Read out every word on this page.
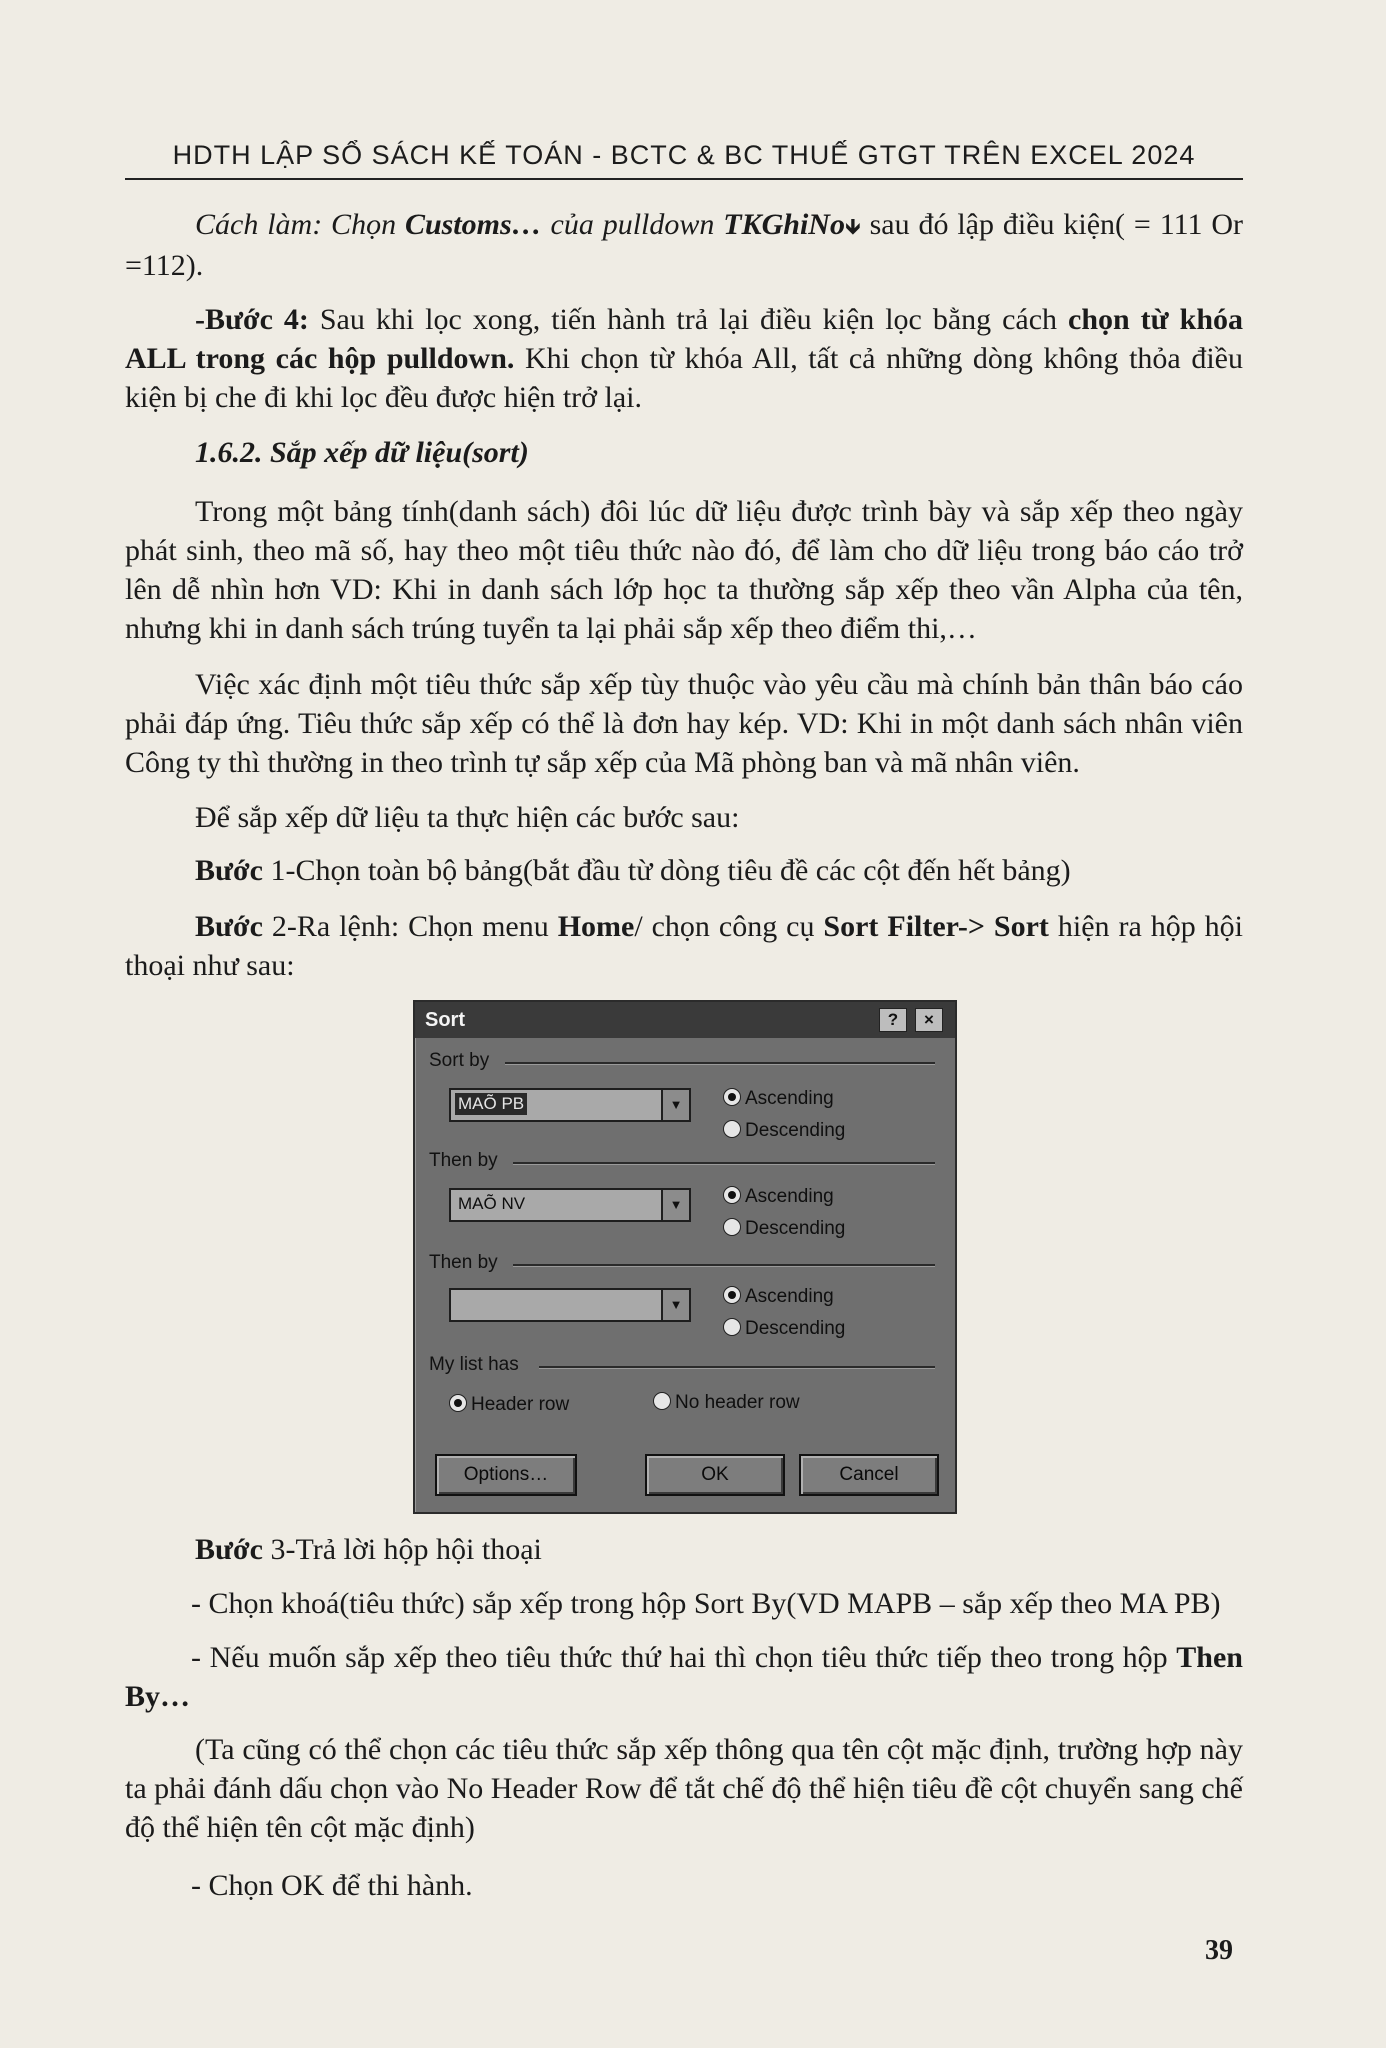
HDTH LẬP SỔ SÁCH KẾ TOÁN - BCTC & BC THUẾ GTGT TRÊN EXCEL 2024

Cách làm: Chọn Customs… của pulldown TKGhiNo🡻 sau đó lập điều kiện( = 111 Or =112).

-Bước 4: Sau khi lọc xong, tiến hành trả lại điều kiện lọc bằng cách chọn từ khóa ALL trong các hộp pulldown. Khi chọn từ khóa All, tất cả những dòng không thỏa điều kiện bị che đi khi lọc đều được hiện trở lại.

1.6.2. Sắp xếp dữ liệu(sort)

Trong một bảng tính(danh sách) đôi lúc dữ liệu được trình bày và sắp xếp theo ngày phát sinh, theo mã số, hay theo một tiêu thức nào đó, để làm cho dữ liệu trong báo cáo trở lên dễ nhìn hơn VD: Khi in danh sách lớp học ta thường sắp xếp theo vần Alpha của tên, nhưng khi in danh sách trúng tuyển ta lại phải sắp xếp theo điểm thi,…

Việc xác định một tiêu thức sắp xếp tùy thuộc vào yêu cầu mà chính bản thân báo cáo phải đáp ứng. Tiêu thức sắp xếp có thể là đơn hay kép. VD: Khi in một danh sách nhân viên Công ty thì thường in theo trình tự sắp xếp của Mã phòng ban và mã nhân viên.

Để sắp xếp dữ liệu ta thực hiện các bước sau:

Bước 1-Chọn toàn bộ bảng(bắt đầu từ dòng tiêu đề các cột đến hết bảng)

Bước 2-Ra lệnh: Chọn menu Home/ chọn công cụ Sort Filter-> Sort hiện ra hộp hội thoại như sau:

Sort	?	×
Sort by
MAÕ PB	▼	Ascending
Descending
Then by
MAÕ NV	▼	Ascending
Descending
Then by
▼	Ascending
Descending
My list has
Header row	No header row
Options…	OK	Cancel

Bước 3-Trả lời hộp hội thoại

- Chọn khoá(tiêu thức) sắp xếp trong hộp Sort By(VD MAPB – sắp xếp theo MA PB)

- Nếu muốn sắp xếp theo tiêu thức thứ hai thì chọn tiêu thức tiếp theo trong hộp Then By…

(Ta cũng có thể chọn các tiêu thức sắp xếp thông qua tên cột mặc định, trường hợp này ta phải đánh dấu chọn vào No Header Row để tắt chế độ thể hiện tiêu đề cột chuyển sang chế độ thể hiện tên cột mặc định)

- Chọn OK để thi hành.

39
